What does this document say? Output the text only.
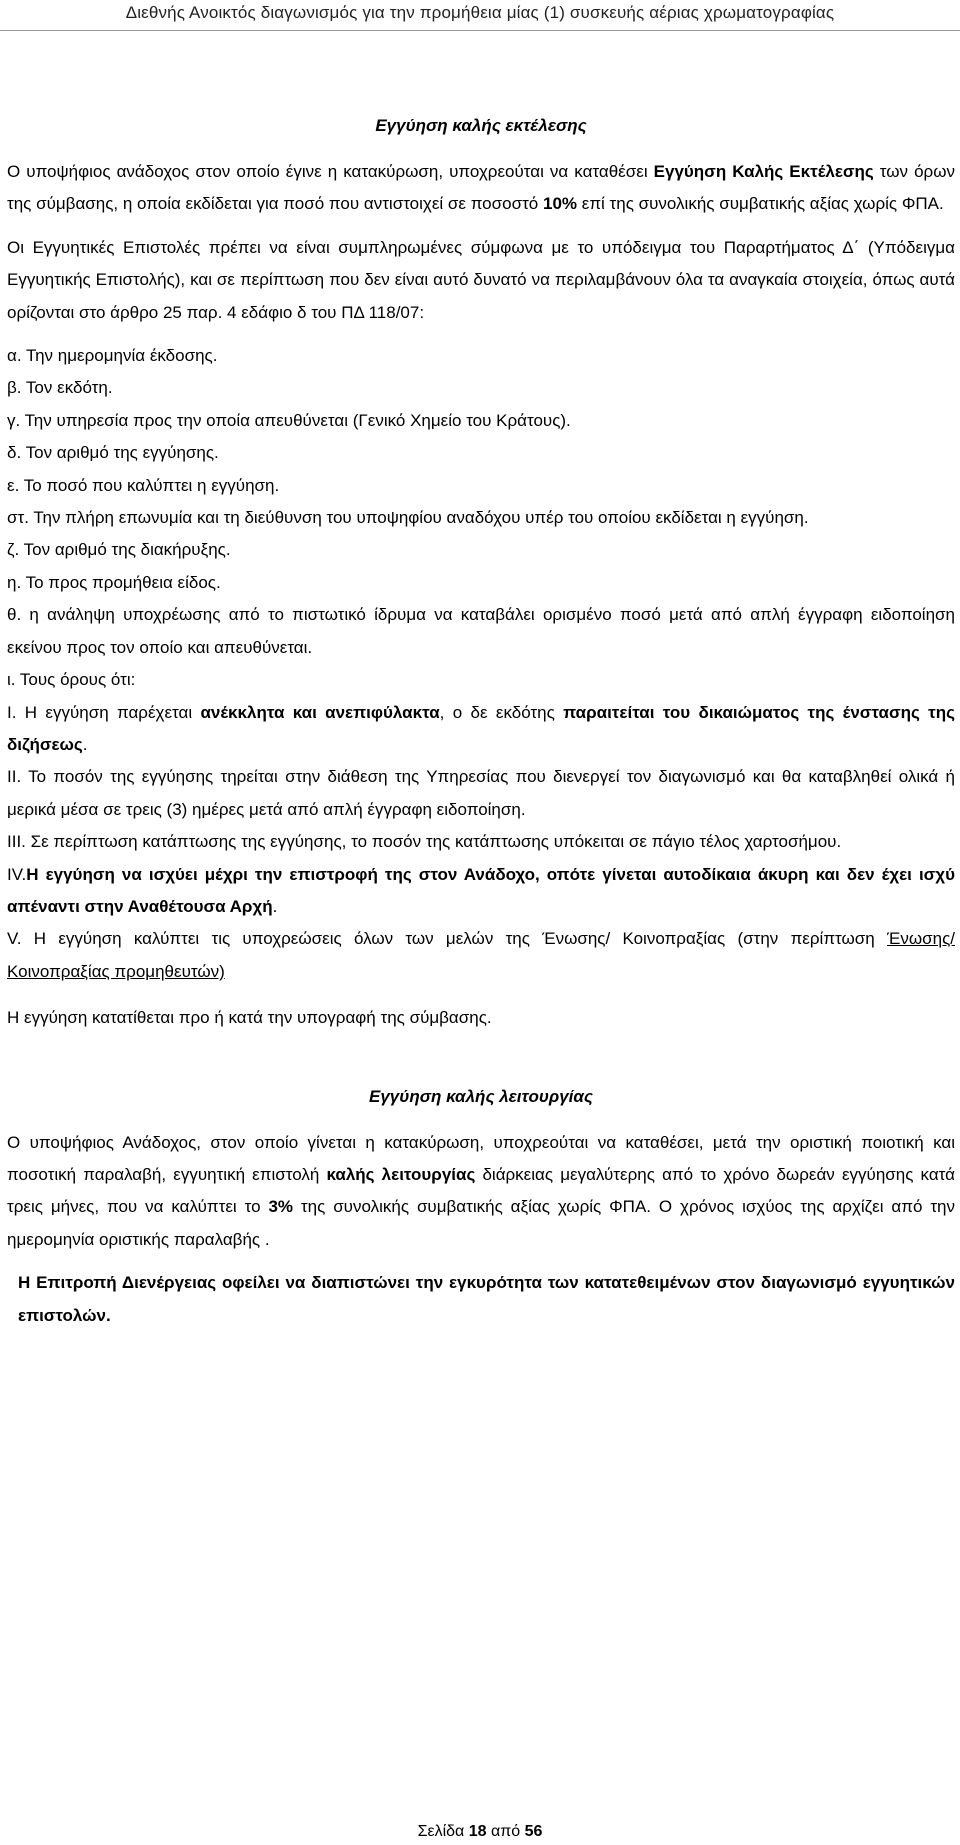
Διεθνής Ανοικτός διαγωνισμός για την προμήθεια μίας (1) συσκευής αέριας χρωματογραφίας
Εγγύηση καλής εκτέλεσης

Ο υποψήφιος ανάδοχος στον οποίο έγινε η κατακύρωση, υποχρεούται να καταθέσει Εγγύηση Καλής Εκτέλεσης των όρων της σύμβασης, η οποία εκδίδεται για ποσό που αντιστοιχεί σε ποσοστό 10% επί της συνολικής συμβατικής αξίας χωρίς ΦΠΑ.

Οι Εγγυητικές Επιστολές πρέπει να είναι συμπληρωμένες σύμφωνα με το υπόδειγμα του Παραρτήματος Δ΄ (Υπόδειγμα Εγγυητικής Επιστολής), και σε περίπτωση που δεν είναι αυτό δυνατό να περιλαμβάνουν όλα τα αναγκαία στοιχεία, όπως αυτά ορίζονται στο άρθρο 25 παρ. 4 εδάφιο δ του ΠΔ 118/07:

α. Την ημερομηνία έκδοσης.

β. Τον εκδότη.

γ. Την υπηρεσία προς την οποία απευθύνεται (Γενικό Χημείο του Κράτους).

δ. Τον αριθμό της εγγύησης.

ε. Το ποσό που καλύπτει η εγγύηση.

στ. Την πλήρη επωνυμία και τη διεύθυνση του υποψηφίου αναδόχου υπέρ του οποίου εκδίδεται η εγγύηση.

ζ. Τον αριθμό της διακήρυξης.

η. Το προς προμήθεια είδος.

θ. η ανάληψη υποχρέωσης από το πιστωτικό ίδρυμα να καταβάλει ορισμένο ποσό μετά από απλή έγγραφη ειδοποίηση εκείνου προς τον οποίο και απευθύνεται.

ι. Τους όρους ότι:

Ι. Η εγγύηση παρέχεται ανέκκλητα και ανεπιφύλακτα, ο δε εκδότης παραιτείται του δικαιώματος της ένστασης της διζήσεως.

ΙΙ. Το ποσόν της εγγύησης τηρείται στην διάθεση της Υπηρεσίας που διενεργεί τον διαγωνισμό και θα καταβληθεί ολικά ή μερικά μέσα σε τρεις (3) ημέρες μετά από απλή έγγραφη ειδοποίηση.

ΙΙΙ. Σε περίπτωση κατάπτωσης της εγγύησης, το ποσόν της κατάπτωσης υπόκειται σε πάγιο τέλος χαρτοσήμου.

IV.Η εγγύηση να ισχύει μέχρι την επιστροφή της στον Ανάδοχο, οπότε γίνεται αυτοδίκαια άκυρη και δεν έχει ισχύ απέναντι στην Αναθέτουσα Αρχή.

V. Η εγγύηση καλύπτει τις υποχρεώσεις όλων των μελών της Ένωσης/ Κοινοπραξίας (στην περίπτωση Ένωσης/ Κοινοπραξίας προμηθευτών)

Η εγγύηση κατατίθεται προ ή κατά την υπογραφή της σύμβασης.

Εγγύηση καλής λειτουργίας

Ο υποψήφιος Ανάδοχος, στον οποίο γίνεται η κατακύρωση, υποχρεούται να καταθέσει, μετά την οριστική ποιοτική και ποσοτική παραλαβή, εγγυητική επιστολή καλής λειτουργίας διάρκειας μεγαλύτερης από το χρόνο δωρεάν εγγύησης κατά τρεις μήνες, που να καλύπτει το 3% της συνολικής συμβατικής αξίας χωρίς ΦΠΑ. Ο χρόνος ισχύος της αρχίζει από την ημερομηνία οριστικής παραλαβής .

Η Επιτροπή Διενέργειας οφείλει να διαπιστώνει την εγκυρότητα των κατατεθειμένων στον διαγωνισμό εγγυητικών επιστολών.

Σελίδα 18 από 56
